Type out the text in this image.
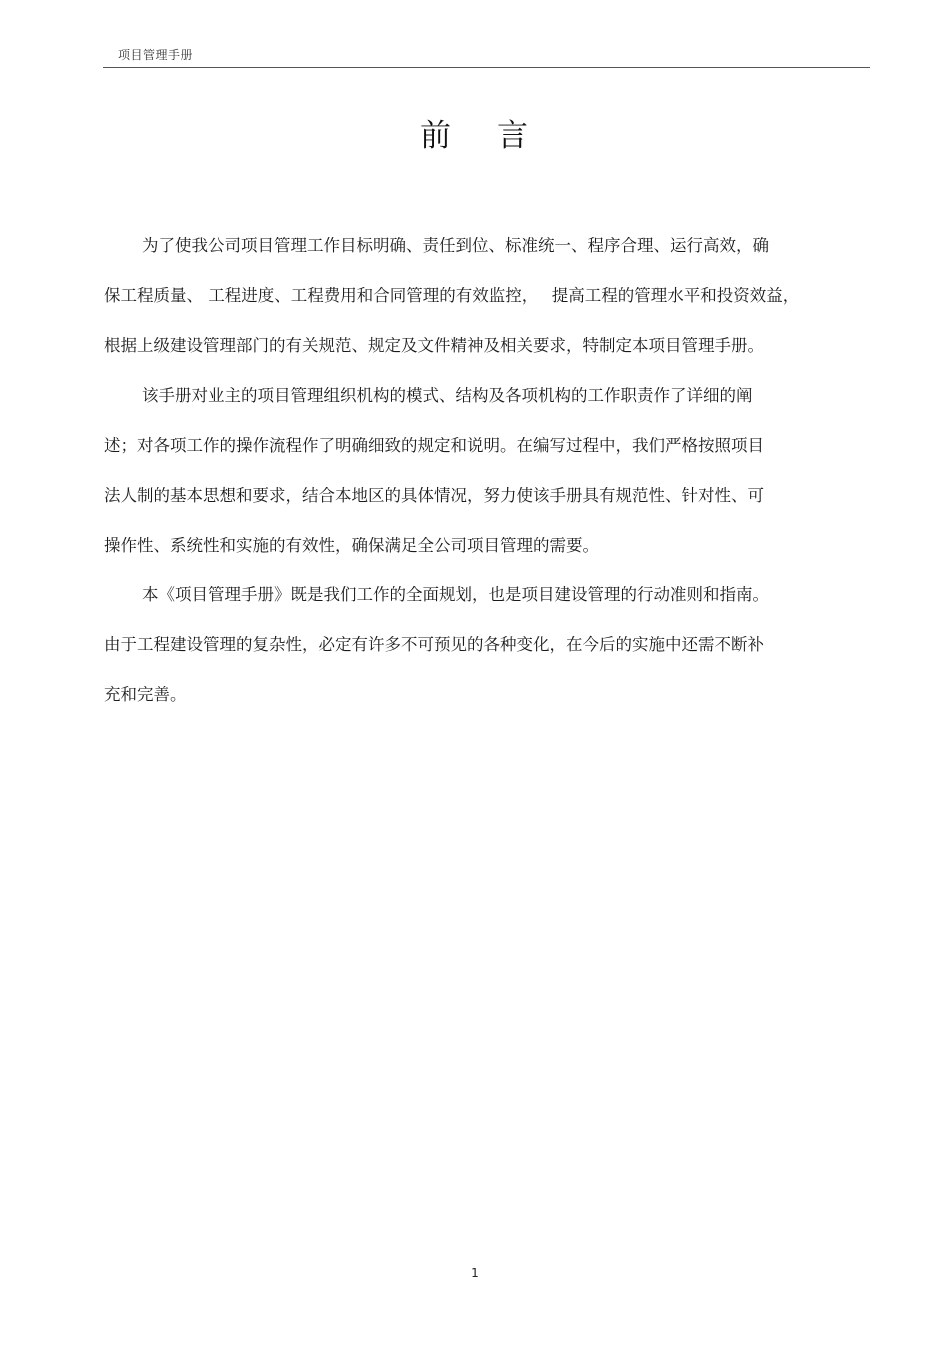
项目管理手册
前 言
为了使我公司项目管理工作目标明确、责任到位、标准统一、程序合理、运行高效，确
保工程质量、 工程进度、工程费用和合同管理的有效监控，　 提高工程的管理水平和投资效益，
根据上级建设管理部门的有关规范、规定及文件精神及相关要求，特制定本项目管理手册。
该手册对业主的项目管理组织机构的模式、结构及各项机构的工作职责作了详细的阐
述；对各项工作的操作流程作了明确细致的规定和说明。在编写过程中，我们严格按照项目
法人制的基本思想和要求，结合本地区的具体情况，努力使该手册具有规范性、针对性、可
操作性、系统性和实施的有效性，确保满足全公司项目管理的需要。
本《项目管理手册》既是我们工作的全面规划，也是项目建设管理的行动准则和指南。
由于工程建设管理的复杂性，必定有许多不可预见的各种变化，在今后的实施中还需不断补
充和完善。
1
